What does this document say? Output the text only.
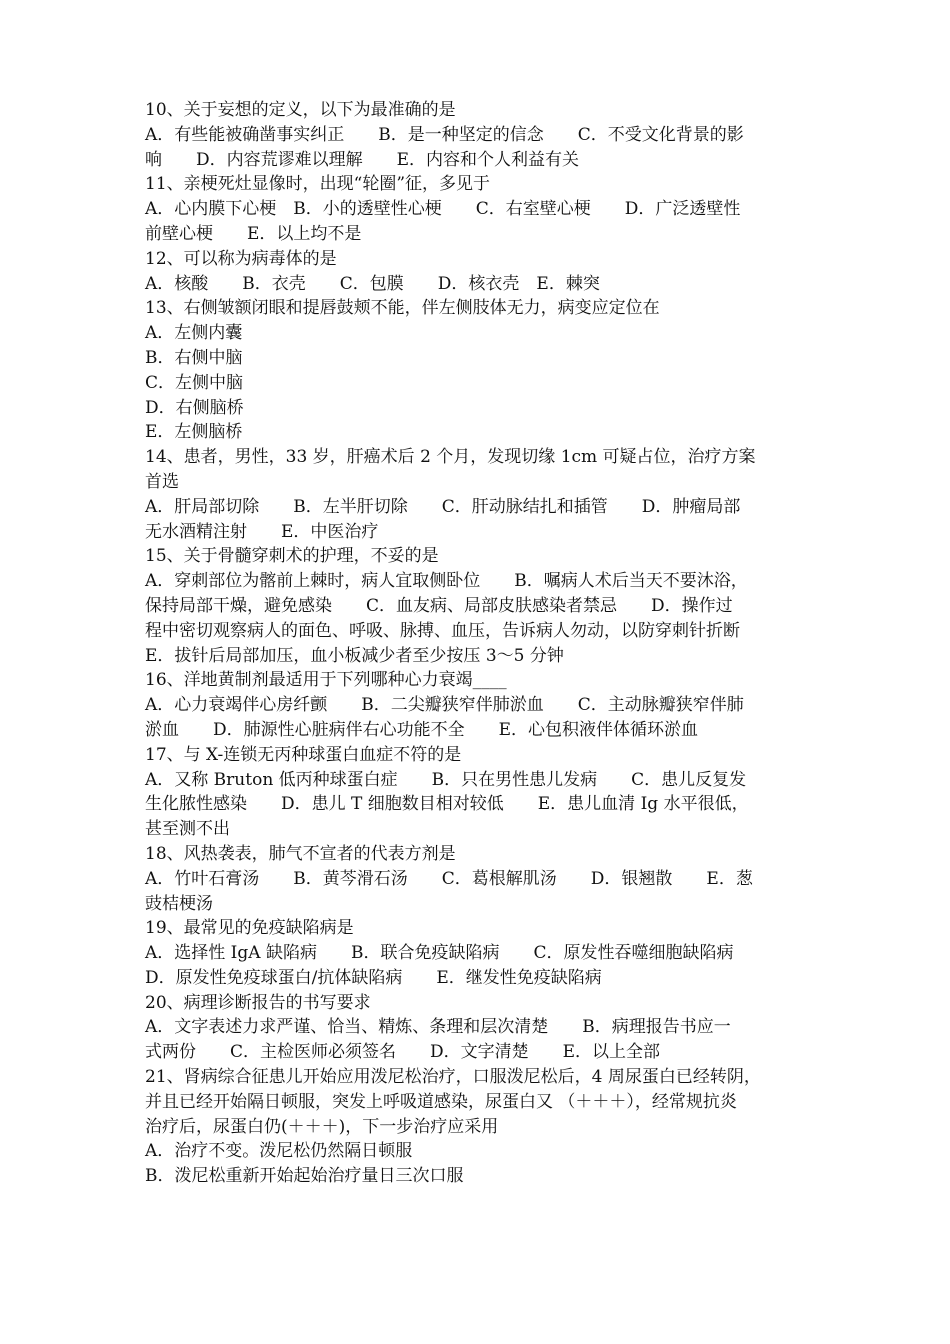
10、关于妄想的定义，以下为最准确的是
A．有些能被确凿事实纠正　　B．是一种坚定的信念　　C．不受文化背景的影
响　　D．内容荒谬难以理解　　E．内容和个人利益有关
11、亲梗死灶显像时，出现“轮圈”征，多见于
A．心内膜下心梗　B．小的透壁性心梗　　C．右室壁心梗　　D．广泛透壁性
前壁心梗　　E．以上均不是
12、可以称为病毒体的是
A．核酸　　B．衣壳　　C．包膜　　D．核衣壳　E．棘突
13、右侧皱额闭眼和提唇鼓颊不能，伴左侧肢体无力，病变应定位在
A．左侧内囊
B．右侧中脑
C．左侧中脑
D．右侧脑桥
E．左侧脑桥
14、患者，男性，33 岁，肝癌术后 2 个月，发现切缘 1cm 可疑占位，治疗方案
首选
A．肝局部切除　　B．左半肝切除　　C．肝动脉结扎和插管　　D．肿瘤局部
无水酒精注射　　E．中医治疗
15、关于骨髓穿刺术的护理，不妥的是
A．穿刺部位为髂前上棘时，病人宜取侧卧位　　B．嘱病人术后当天不要沐浴，
保持局部干燥，避免感染　　C．血友病、局部皮肤感染者禁忌　　D．操作过
程中密切观察病人的面色、呼吸、脉搏、血压，告诉病人勿动，以防穿刺针折断
E．拔针后局部加压，血小板减少者至少按压 3～5 分钟
16、洋地黄制剂最适用于下列哪种心力衰竭____
A．心力衰竭伴心房纤颤　　B．二尖瓣狭窄伴肺淤血　　C．主动脉瓣狭窄伴肺
淤血　　D．肺源性心脏病伴右心功能不全　　E．心包积液伴体循环淤血
17、与 X-连锁无丙种球蛋白血症不符的是
A．又称 Bruton 低丙种球蛋白症　　B．只在男性患儿发病　　C．患儿反复发
生化脓性感染　　D．患儿 T 细胞数目相对较低　　E．患儿血清 Ig 水平很低，
甚至测不出
18、风热袭表，肺气不宣者的代表方剂是
A．竹叶石膏汤　　B．黄芩滑石汤　　C．葛根解肌汤　　D．银翘散　　E．葱
豉桔梗汤
19、最常见的免疫缺陷病是
A．选择性 IgA 缺陷病　　B．联合免疫缺陷病　　C．原发性吞噬细胞缺陷病
D．原发性免疫球蛋白/抗体缺陷病　　E．继发性免疫缺陷病
20、病理诊断报告的书写要求
A．文字表述力求严谨、恰当、精炼、条理和层次清楚　　B．病理报告书应一
式两份　　C．主检医师必须签名　　D．文字清楚　　E．以上全部
21、肾病综合征患儿开始应用泼尼松治疗，口服泼尼松后，4 周尿蛋白已经转阴，
并且已经开始隔日顿服，突发上呼吸道感染，尿蛋白又 （＋＋＋），经常规抗炎
治疗后，尿蛋白仍(＋＋＋)，下一步治疗应采用
A．治疗不变。泼尼松仍然隔日顿服
B．泼尼松重新开始起始治疗量日三次口服
